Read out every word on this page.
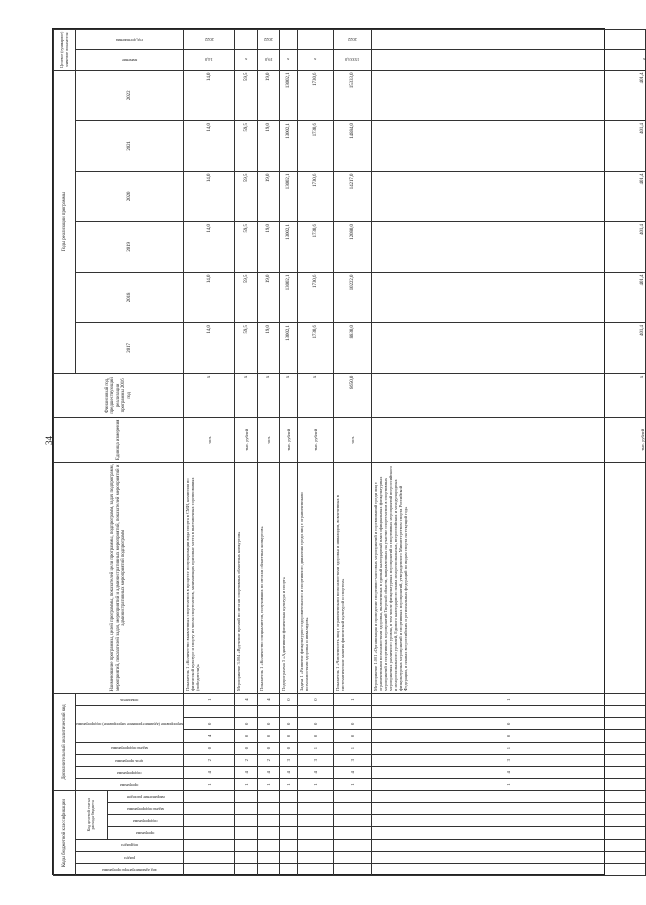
34
Коды бюджетной классификации							Дополнительный аналитический код								Наименование программы, целей программы, показателей цели программы, подпрограмм, задач подпрограмм, мероприятий, показателей задач, мероприятий и административных мероприятий, показателей мероприятий и административных мероприятий подпрограмм	Единица измерения	Финансовый год, предшествующий реализации программы 2016 год	Годы реализации программы						Целевое (суммарное) значение показателя	

код администратора программы	раздел	подраздел	Код целевой статьи расхода бюджета				программа	подпрограмма	цель программы	задача подпрограммы	мероприятие (административное мероприятие) подпрограммы			показатель				2017	2018	2019	2020	2021	2022	значение	год достижения

			программа	подпрограмма	задача подпрограммы	направление расходов																			

							1	4	2	0	4	0		1	Показатель 1 «Количество выявленных спортсменов в процессе популяризации вида спорта в СМИ, комиссии по физической культуре и спорту из числа спортсменов, занимающих призовые места в выставочных соревнованиях (победители)»	чел.	х	14,0	14,0	14,0	14,0	14,0	14,0	14,0	2022

							1	4	2	0	0	0		4	Мероприятие 3.004 «Вручение премий по итогам спортивных областных конкурсов»	тыс. рублей	х	59,5	59,5	59,5	59,5	59,5	59,5	х	

							1	4	2	0	0	0		4	Показатель 1 «Количество специалистов, получивших по итогам областных конкурсов»	чел.	х	19,0	19,0	19,0	19,0	19,0	19,0	19,0	2022

							1	4	3	0	0	0		0	Подпрограмма 3 «Адаптивная физическая культура и спорт»	тыс. рублей	х	13002,1	13002,1	13002,1	13002,1	13002,1	13002,1	х	

							1	4	3	1	0	0		0	Задача 1 «Развитие физкультурно-оздоровительного и спортивного движения среди лиц с ограниченными возможностями здоровья и инвалидов»	тыс. рублей	х	1730,6	1730,6	1730,6	1730,6	1730,6	1730,6	х	

							1	4	3	1	0	0		1	Показатель 1 «Численность лиц с ограниченными возможностями здоровья и инвалидов, вовлеченных в систематические занятия физической культурой и спортом»	чел.	8650,0	8830,0	10222,0	12080,0	14217,0	14884,0	15333,0	15333,0	2022

							1	4	3	1	0	0		1	Мероприятие 1.001 «Организация и проведение спортивно-массовых мероприятий и соревнований среди лиц с ограниченными возможностями здоровья, включенных в единый календарный план официальных физкультурных мероприятий и спортивных мероприятий Тверской области, направленных на участие спортсменов в спортивных мероприятиях различного уровня, в том числе физкультурных мероприятий и спортивных мероприятий всероссийского и межрегионального уровней, Единого календарного плана межрегиональных, всероссийских и международных физкультурных мероприятий и спортивных мероприятий, утвержденного Министерством спорта Российской Федерации, и планах всероссийских и региональных федераций по видам спорта на текущий год»	тыс. рублей	х	401,4	401,4	401,4	401,4	401,4	401,4	х	
